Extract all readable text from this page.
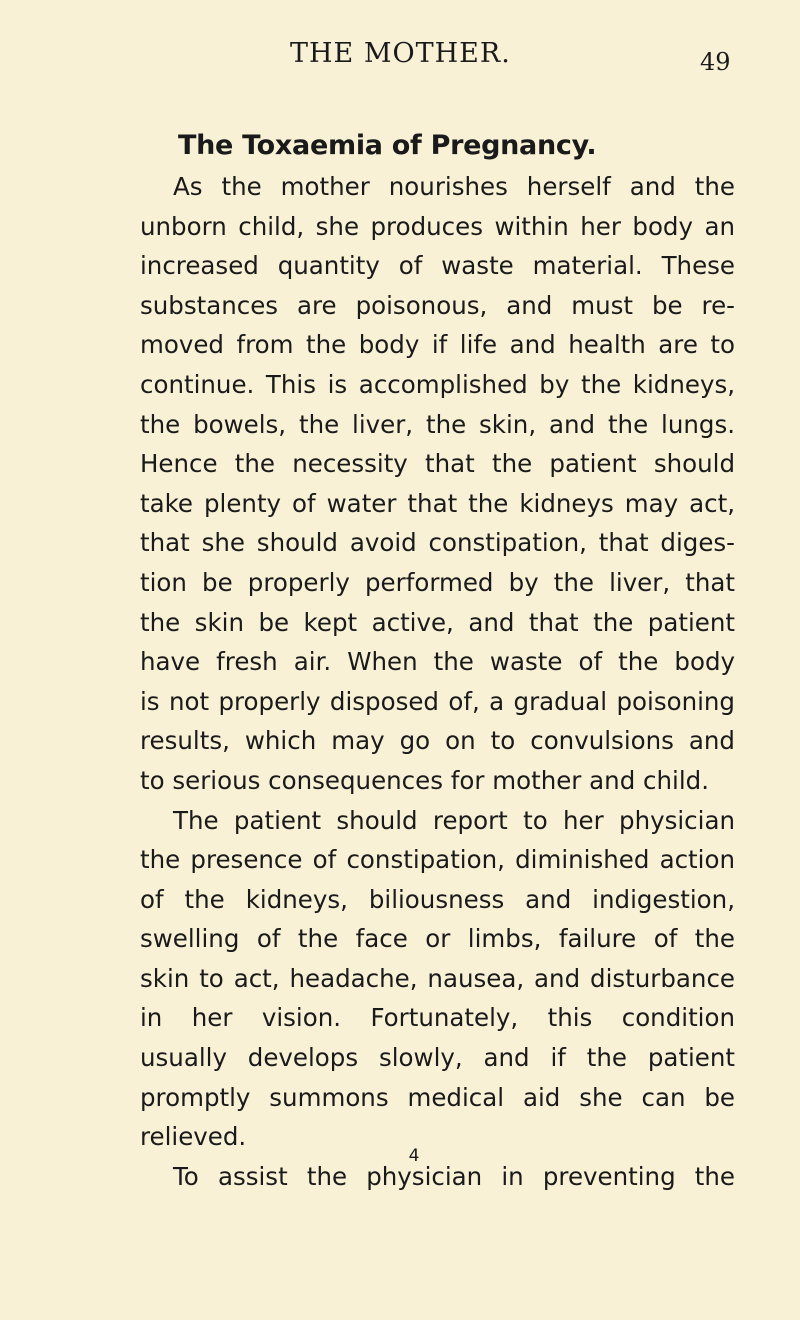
THE MOTHER.	49
The Toxaemia of Pregnancy.
As the mother nourishes herself and the
unborn child, she produces within her body an
increased quantity of waste material. These
substances are poisonous, and must be re-
moved from the body if life and health are to
continue. This is accomplished by the kidneys,
the bowels, the liver, the skin, and the lungs.
Hence the necessity that the patient should
take plenty of water that the kidneys may act,
that she should avoid constipation, that diges-
tion be properly performed by the liver, that
the skin be kept active, and that the patient
have fresh air. When the waste of the body
is not properly disposed of, a gradual poisoning
results, which may go on to convulsions and
to serious consequences for mother and child.
The patient should report to her physician
the presence of constipation, diminished action
of the kidneys, biliousness and indigestion,
swelling of the face or limbs, failure of the
skin to act, headache, nausea, and disturbance
in her vision. Fortunately, this condition
usually develops slowly, and if the patient
promptly summons medical aid she can be
relieved.
To assist the physician in preventing the
4
